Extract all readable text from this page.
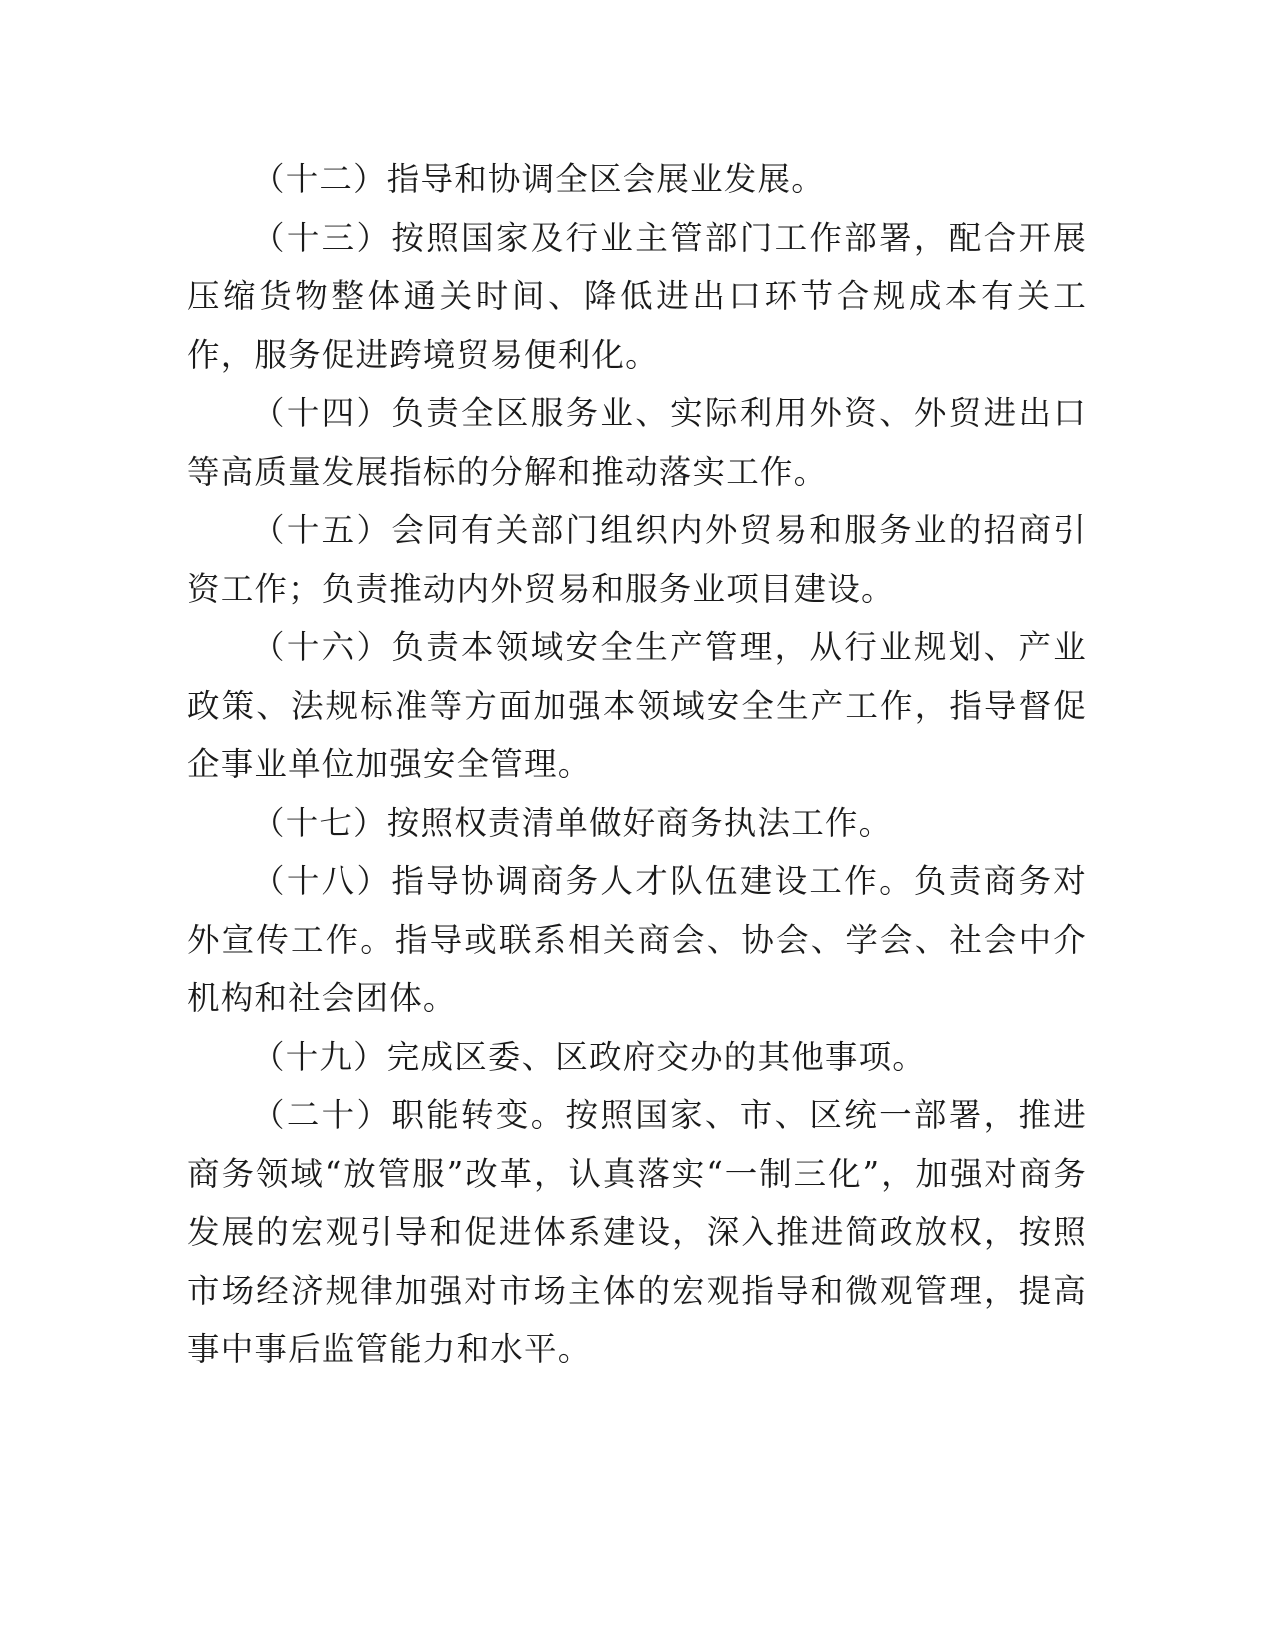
（十二）指导和协调全区会展业发展。

（十三）按照国家及行业主管部门工作部署，配合开展压缩货物整体通关时间、降低进出口环节合规成本有关工作，服务促进跨境贸易便利化。

（十四）负责全区服务业、实际利用外资、外贸进出口等高质量发展指标的分解和推动落实工作。

（十五）会同有关部门组织内外贸易和服务业的招商引资工作；负责推动内外贸易和服务业项目建设。

（十六）负责本领域安全生产管理，从行业规划、产业政策、法规标准等方面加强本领域安全生产工作，指导督促企事业单位加强安全管理。

（十七）按照权责清单做好商务执法工作。

（十八）指导协调商务人才队伍建设工作。负责商务对外宣传工作。指导或联系相关商会、协会、学会、社会中介机构和社会团体。

（十九）完成区委、区政府交办的其他事项。

（二十）职能转变。按照国家、市、区统一部署，推进商务领域“放管服”改革，认真落实“一制三化”，加强对商务发展的宏观引导和促进体系建设，深入推进简政放权，按照市场经济规律加强对市场主体的宏观指导和微观管理，提高事中事后监管能力和水平。
